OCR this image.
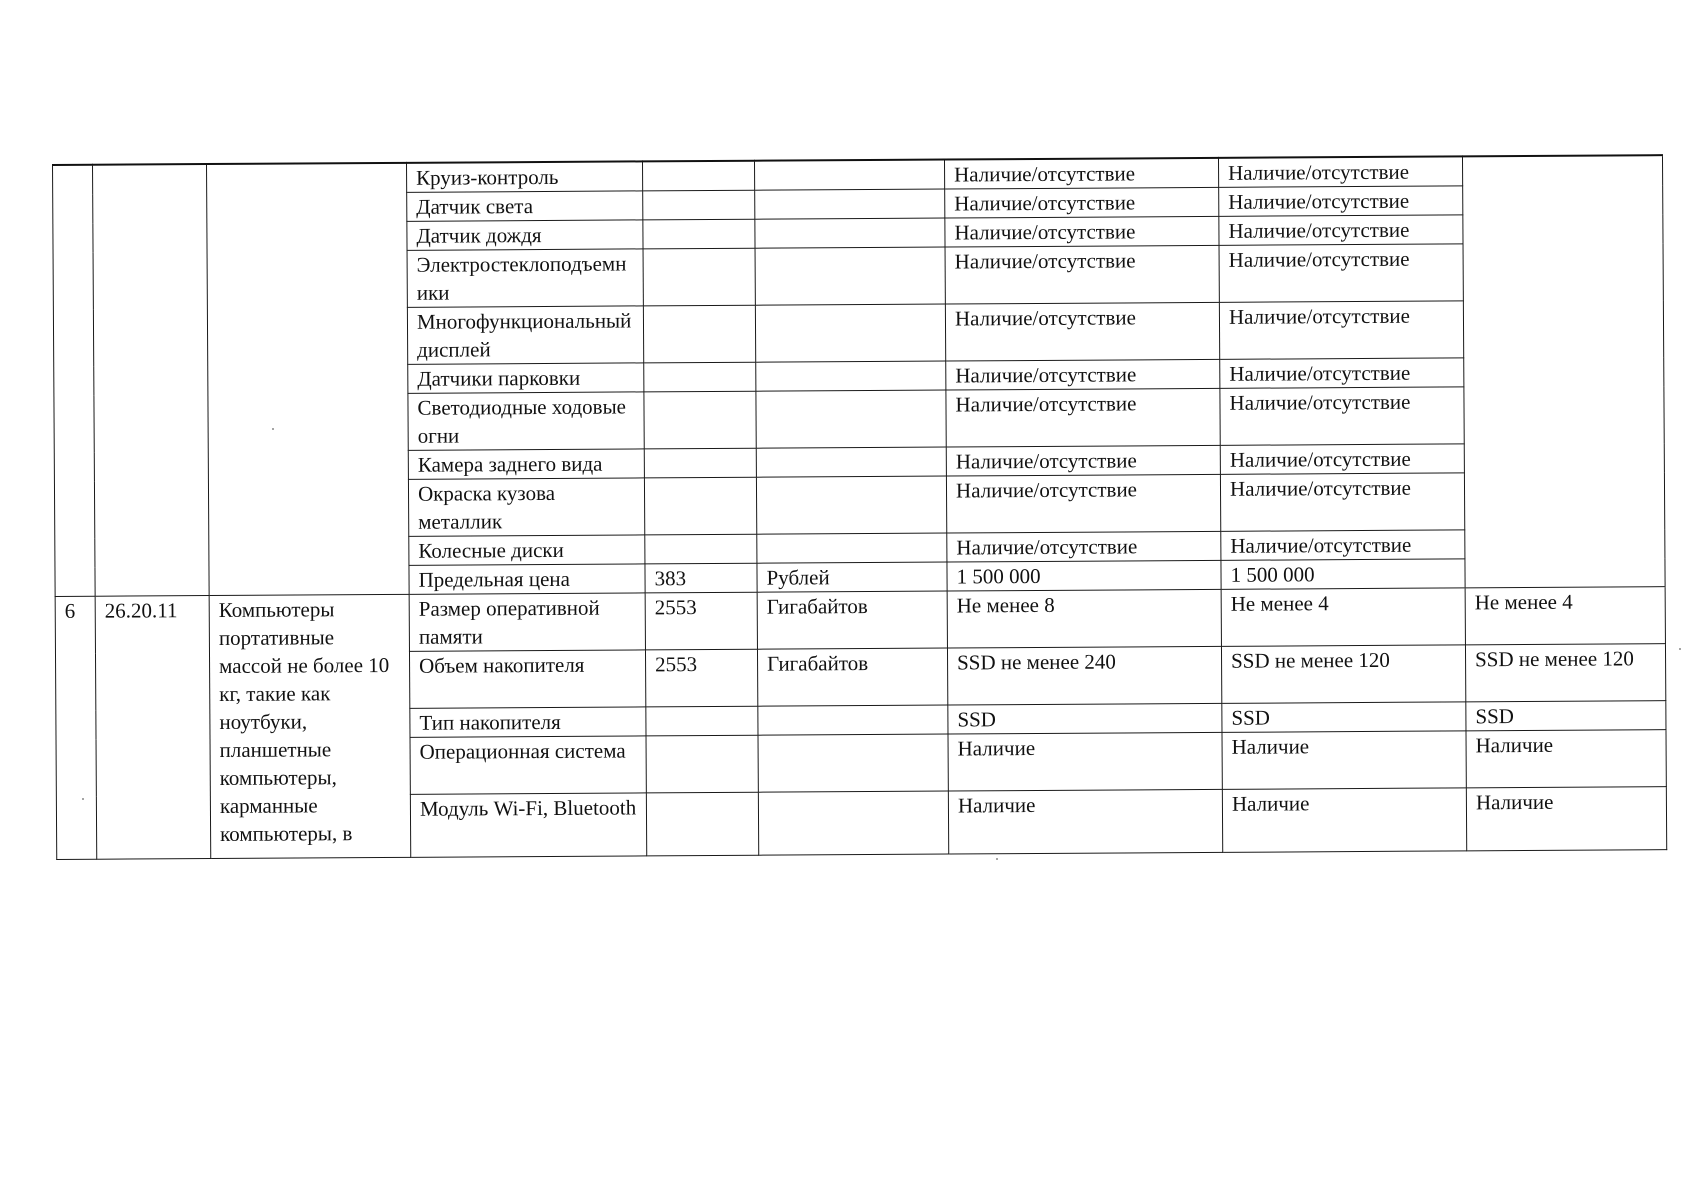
			Круиз-контроль			Наличие/отсутствие	Наличие/отсутствие	
			Датчик света			Наличие/отсутствие	Наличие/отсутствие	
			Датчик дождя			Наличие/отсутствие	Наличие/отсутствие	
			Электростеклоподъемники			Наличие/отсутствие	Наличие/отсутствие	
			Многофункциональный дисплей			Наличие/отсутствие	Наличие/отсутствие	
			Датчики парковки			Наличие/отсутствие	Наличие/отсутствие	
			Светодиодные ходовые огни			Наличие/отсутствие	Наличие/отсутствие	
			Камера заднего вида			Наличие/отсутствие	Наличие/отсутствие	
			Окраска кузова металлик			Наличие/отсутствие	Наличие/отсутствие	
			Колесные диски			Наличие/отсутствие	Наличие/отсутствие	
			Предельная цена	383	Рублей	1 500 000	1 500 000	
6	26.20.11	Компьютеры портативные массой не более 10 кг, такие как ноутбуки, планшетные компьютеры, карманные компьютеры, в	Размер оперативной памяти	2553	Гигабайтов	Не менее 8	Не менее 4	Не менее 4
			Объем накопителя	2553	Гигабайтов	SSD не менее 240	SSD не менее 120	SSD не менее 120
			Тип накопителя			SSD	SSD	SSD
			Операционная система			Наличие	Наличие	Наличие
			Модуль Wi-Fi, Bluetooth			Наличие	Наличие	Наличие
